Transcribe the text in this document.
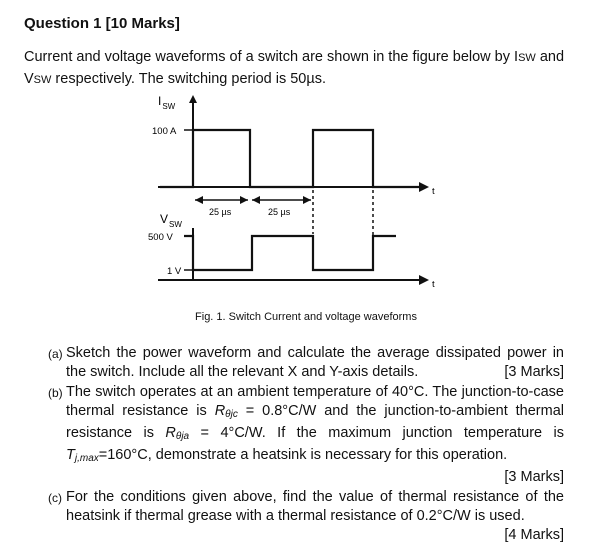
Question 1 [10 Marks]
Current and voltage waveforms of a switch are shown in the figure below by ISW and VSW respectively. The switching period is 50µs.
$I_{SW}$
100 A
t
25 µs	25 µs
$V_{SW}$
500 V
1 V
t
Fig. 1. Switch Current and voltage waveforms
(a) Sketch the power waveform and calculate the average dissipated power in the switch. Include all the relevant X and Y-axis details.	[3 Marks]
(b) The switch operates at an ambient temperature of 40°C. The junction-to-case thermal resistance is Rθjc = 0.8°C/W and the junction-to-ambient thermal resistance is Rθja = 4°C/W. If the maximum junction temperature is Tj,max=160°C, demonstrate a heatsink is necessary for this operation.
[3 Marks]
(c) For the conditions given above, find the value of thermal resistance of the heatsink if thermal grease with a thermal resistance of 0.2°C/W is used.
[4 Marks]
